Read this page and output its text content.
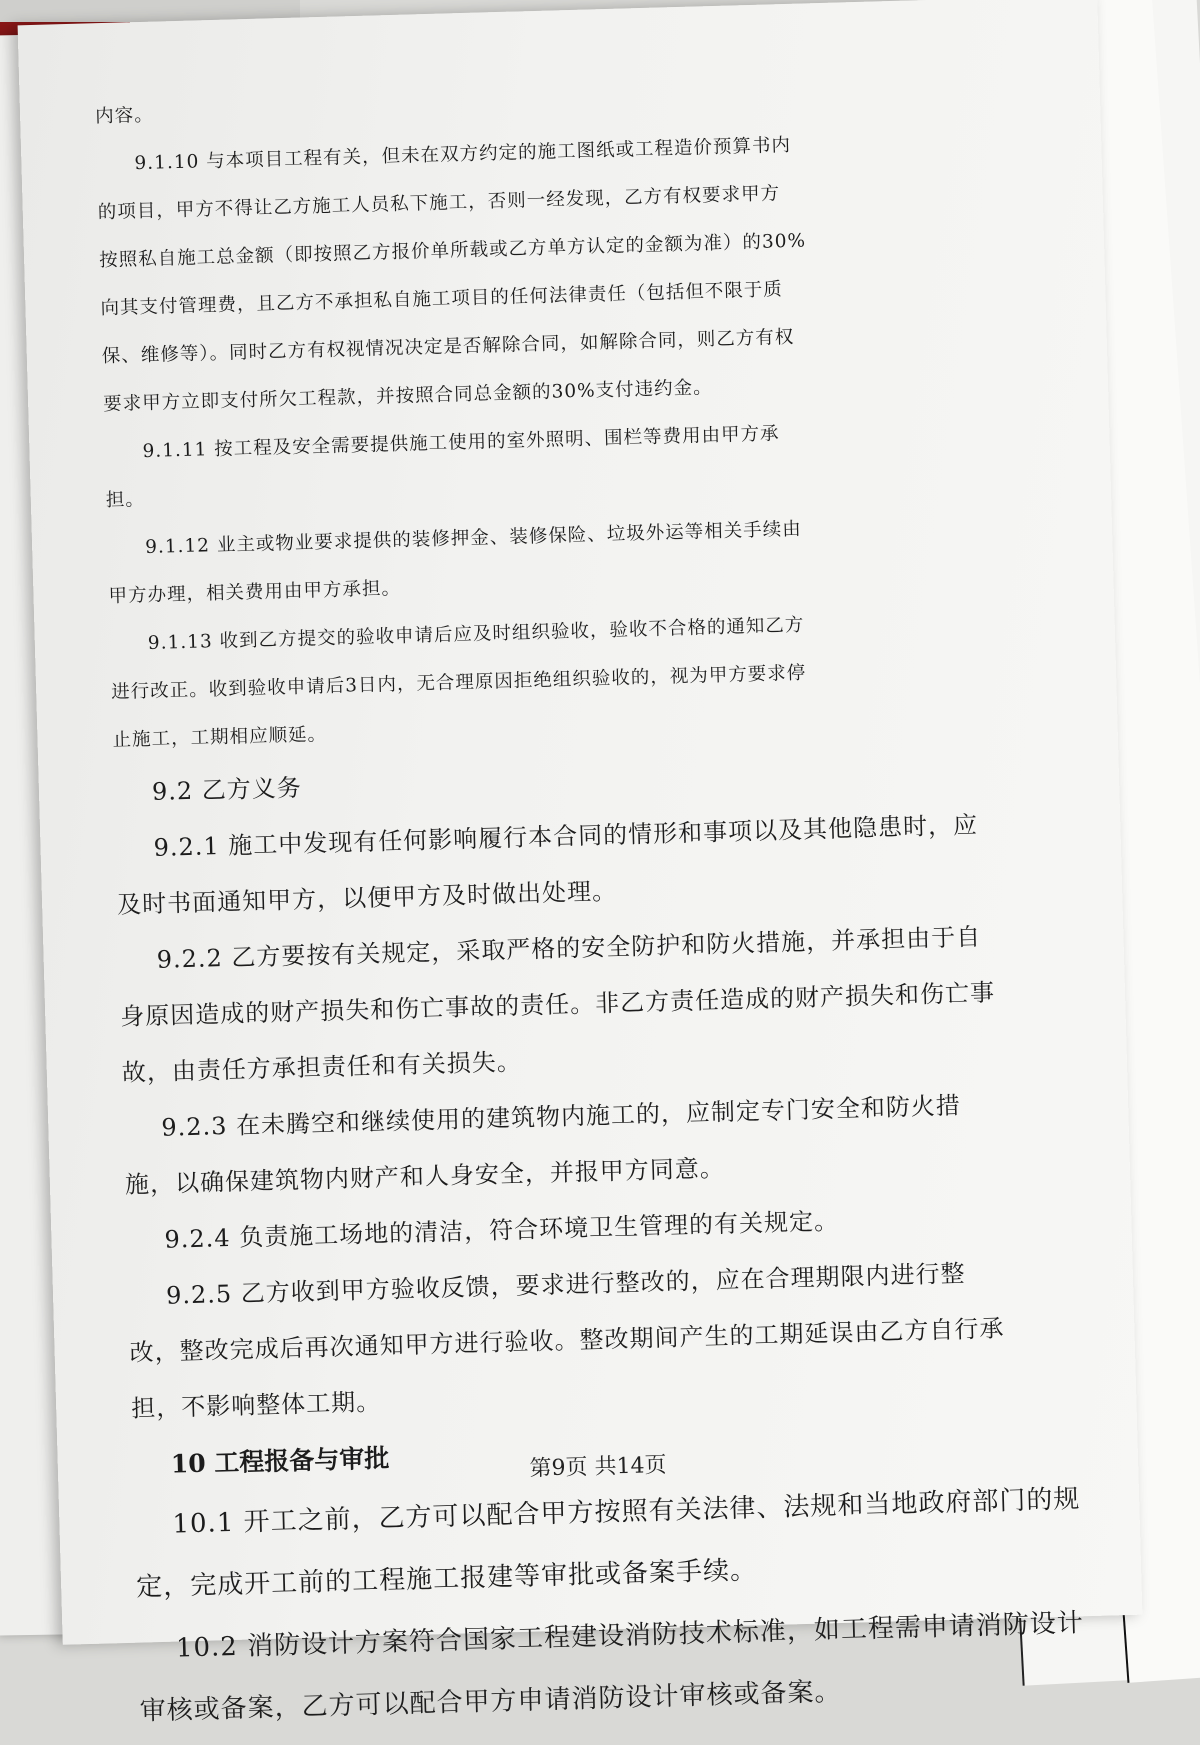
内容。
9.1.10 与本项目工程有关，但未在双方约定的施工图纸或工程造价预算书内
的项目，甲方不得让乙方施工人员私下施工，否则一经发现，乙方有权要求甲方
按照私自施工总金额（即按照乙方报价单所载或乙方单方认定的金额为准）的30%
向其支付管理费，且乙方不承担私自施工项目的任何法律责任（包括但不限于质
保、维修等）。同时乙方有权视情况决定是否解除合同，如解除合同，则乙方有权
要求甲方立即支付所欠工程款，并按照合同总金额的30%支付违约金。
9.1.11 按工程及安全需要提供施工使用的室外照明、围栏等费用由甲方承
担。
9.1.12 业主或物业要求提供的装修押金、装修保险、垃圾外运等相关手续由
甲方办理，相关费用由甲方承担。
9.1.13 收到乙方提交的验收申请后应及时组织验收，验收不合格的通知乙方
进行改正。收到验收申请后3日内，无合理原因拒绝组织验收的，视为甲方要求停
止施工，工期相应顺延。
9.2 乙方义务
9.2.1 施工中发现有任何影响履行本合同的情形和事项以及其他隐患时，应
及时书面通知甲方，以便甲方及时做出处理。
9.2.2 乙方要按有关规定，采取严格的安全防护和防火措施，并承担由于自
身原因造成的财产损失和伤亡事故的责任。非乙方责任造成的财产损失和伤亡事
故，由责任方承担责任和有关损失。
9.2.3 在未腾空和继续使用的建筑物内施工的，应制定专门安全和防火措
施，以确保建筑物内财产和人身安全，并报甲方同意。
9.2.4 负责施工场地的清洁，符合环境卫生管理的有关规定。
9.2.5 乙方收到甲方验收反馈，要求进行整改的，应在合理期限内进行整
改，整改完成后再次通知甲方进行验收。整改期间产生的工期延误由乙方自行承
担，不影响整体工期。
10 工程报备与审批
10.1 开工之前，乙方可以配合甲方按照有关法律、法规和当地政府部门的规
定，完成开工前的工程施工报建等审批或备案手续。
10.2 消防设计方案符合国家工程建设消防技术标准，如工程需申请消防设计
审核或备案，乙方可以配合甲方申请消防设计审核或备案。
第9页 共14页
